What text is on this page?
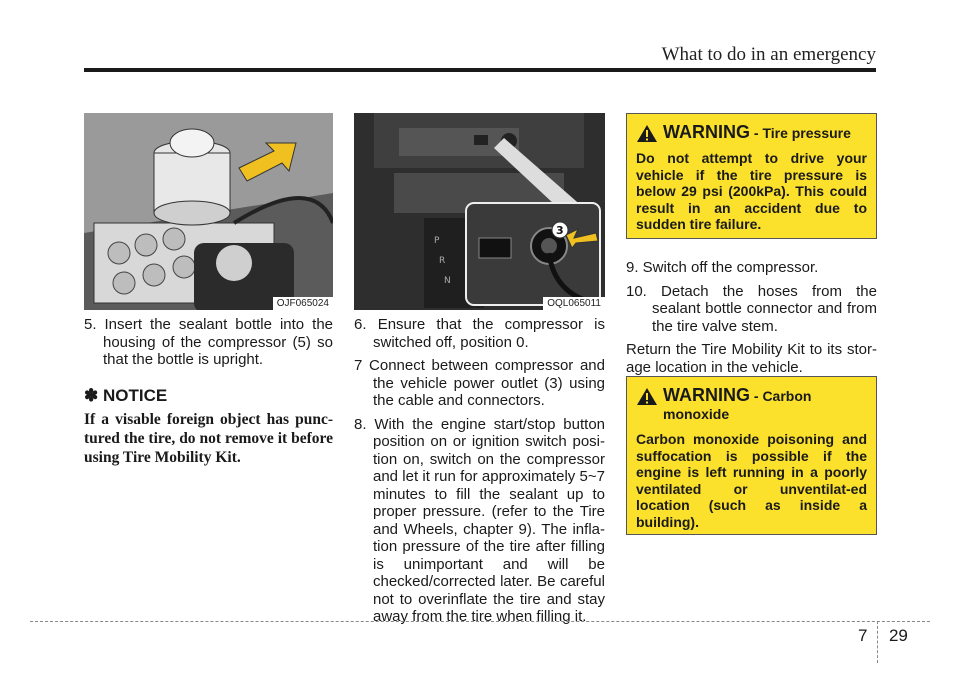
What to do in an emergency
OJF065024
P
R
N
3
OQL065011

5. Insert the sealant bottle into the housing of the compressor (5) so that the bottle is upright.

✽ NOTICE
If a visable foreign object has punc-tured the tire, do not remove it before using Tire Mobility Kit.

6. Ensure that the compressor is switched off, position 0.

7 Connect between compressor and the vehicle power outlet (3) using the cable and connectors.

8. With the engine start/stop button position on or ignition switch posi-tion on, switch on the compressor and let it run for approximately 5~7 minutes to fill the sealant up to proper pressure. (refer to the Tire and Wheels, chapter 9). The infla-tion pressure of the tire after filling is unimportant and will be checked/corrected later. Be careful not to overinflate the tire and stay away from the tire when filling it.

WARNING - Tire pressure
Do not attempt to drive your vehicle if the tire pressure is below 29 psi (200kPa). This could result in an accident due to sudden tire failure.

9. Switch off the compressor.

10. Detach the hoses from the sealant bottle connector and from the tire valve stem.

Return the Tire Mobility Kit to its stor-age location in the vehicle.

WARNING - Carbon monoxide
Carbon monoxide poisoning and suffocation is possible if the engine is left running in a poorly ventilated or unventilat-ed location (such as inside a building).
7 29
